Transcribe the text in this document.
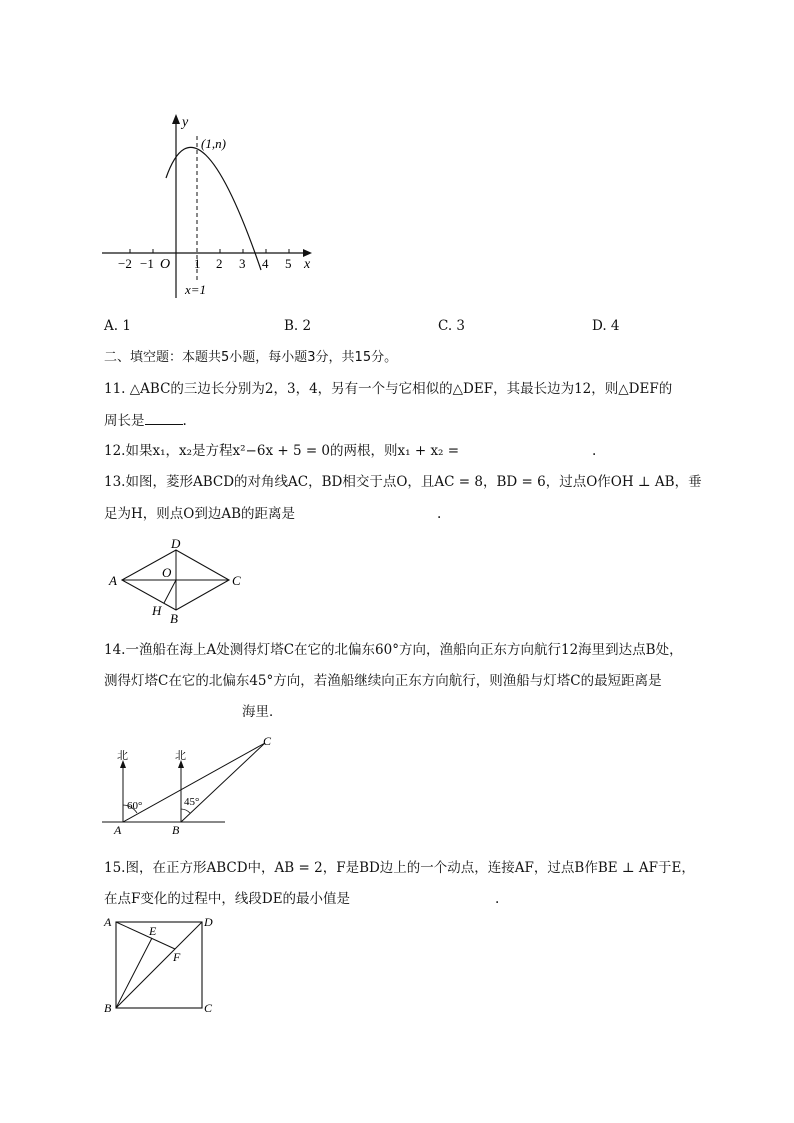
y
x
O
(1,n)
x=1
−2 −1	1 2 3 4 5
A. 1	B. 2	C. 3	D. 4
二、填空题：本题共5小题，每小题3分，共15分。
11. △ABC的三边长分别为2，3，4，另有一个与它相似的△DEF，其最长边为12，则△DEF的
周长是	.
12.如果x₁，x₂是方程x²−6x + 5 = 0的两根，则x₁ + x₂ =	.
13.如图，菱形ABCD的对角线AC，BD相交于点O，且AC = 8，BD = 6，过点O作OH ⊥ AB，垂
足为H，则点O到边AB的距离是	.
A
D
C
B
O
H
14.一渔船在海上A处测得灯塔C在它的北偏东60°方向，渔船向正东方向航行12海里到达点B处，
测得灯塔C在它的北偏东45°方向，若渔船继续向正东方向航行，则渔船与灯塔C的最短距离是
海里．
北	北
60°	45°
A	B
C
15.图，在正方形ABCD中，AB = 2，F是BD边上的一个动点，连接AF，过点B作BE ⊥ AF于E，
在点F变化的过程中，线段DE的最小值是	.
A	D
B	C
E
F
